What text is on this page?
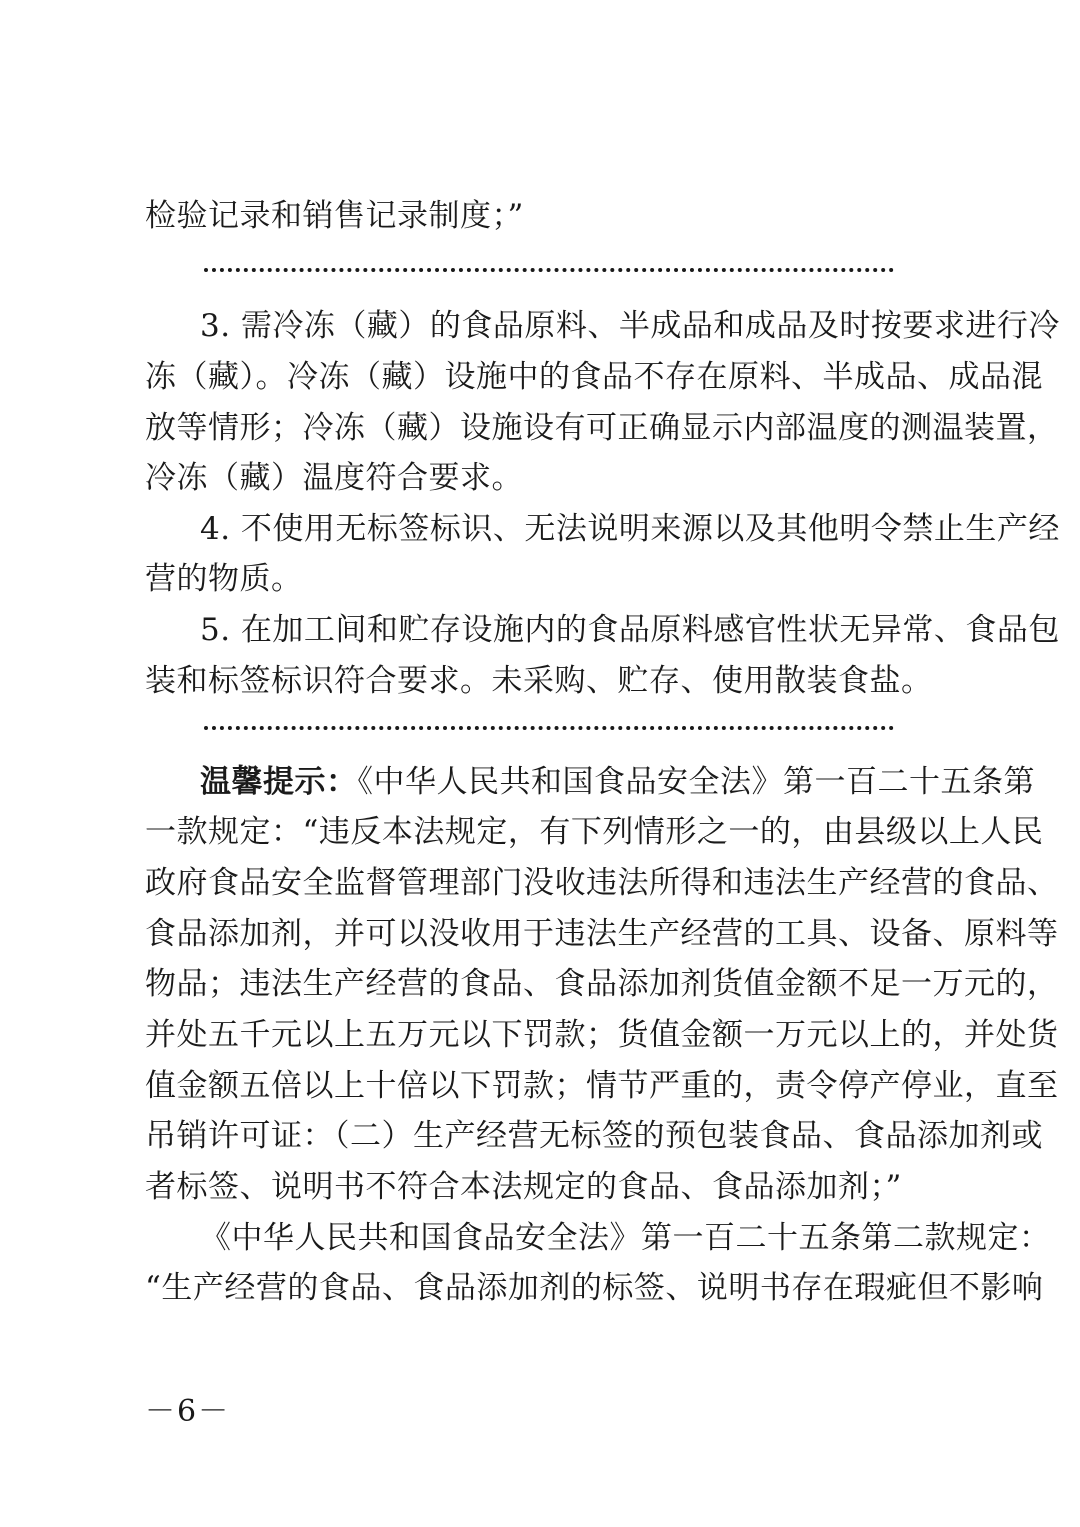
检验记录和销售记录制度；”
3. 需冷冻（藏）的食品原料、半成品和成品及时按要求进行冷
冻（藏）。冷冻（藏）设施中的食品不存在原料、半成品、成品混
放等情形；冷冻（藏）设施设有可正确显示内部温度的测温装置，
冷冻（藏）温度符合要求。
4. 不使用无标签标识、无法说明来源以及其他明令禁止生产经
营的物质。
5. 在加工间和贮存设施内的食品原料感官性状无异常、食品包
装和标签标识符合要求。未采购、贮存、使用散装食盐。
温馨提示：《中华人民共和国食品安全法》第一百二十五条第
一款规定：“违反本法规定，有下列情形之一的，由县级以上人民
政府食品安全监督管理部门没收违法所得和违法生产经营的食品、
食品添加剂，并可以没收用于违法生产经营的工具、设备、原料等
物品；违法生产经营的食品、食品添加剂货值金额不足一万元的，
并处五千元以上五万元以下罚款；货值金额一万元以上的，并处货
值金额五倍以上十倍以下罚款；情节严重的，责令停产停业，直至
吊销许可证：（二）生产经营无标签的预包装食品、食品添加剂或
者标签、说明书不符合本法规定的食品、食品添加剂；”
《中华人民共和国食品安全法》第一百二十五条第二款规定：
“生产经营的食品、食品添加剂的标签、说明书存在瑕疵但不影响
－6－
